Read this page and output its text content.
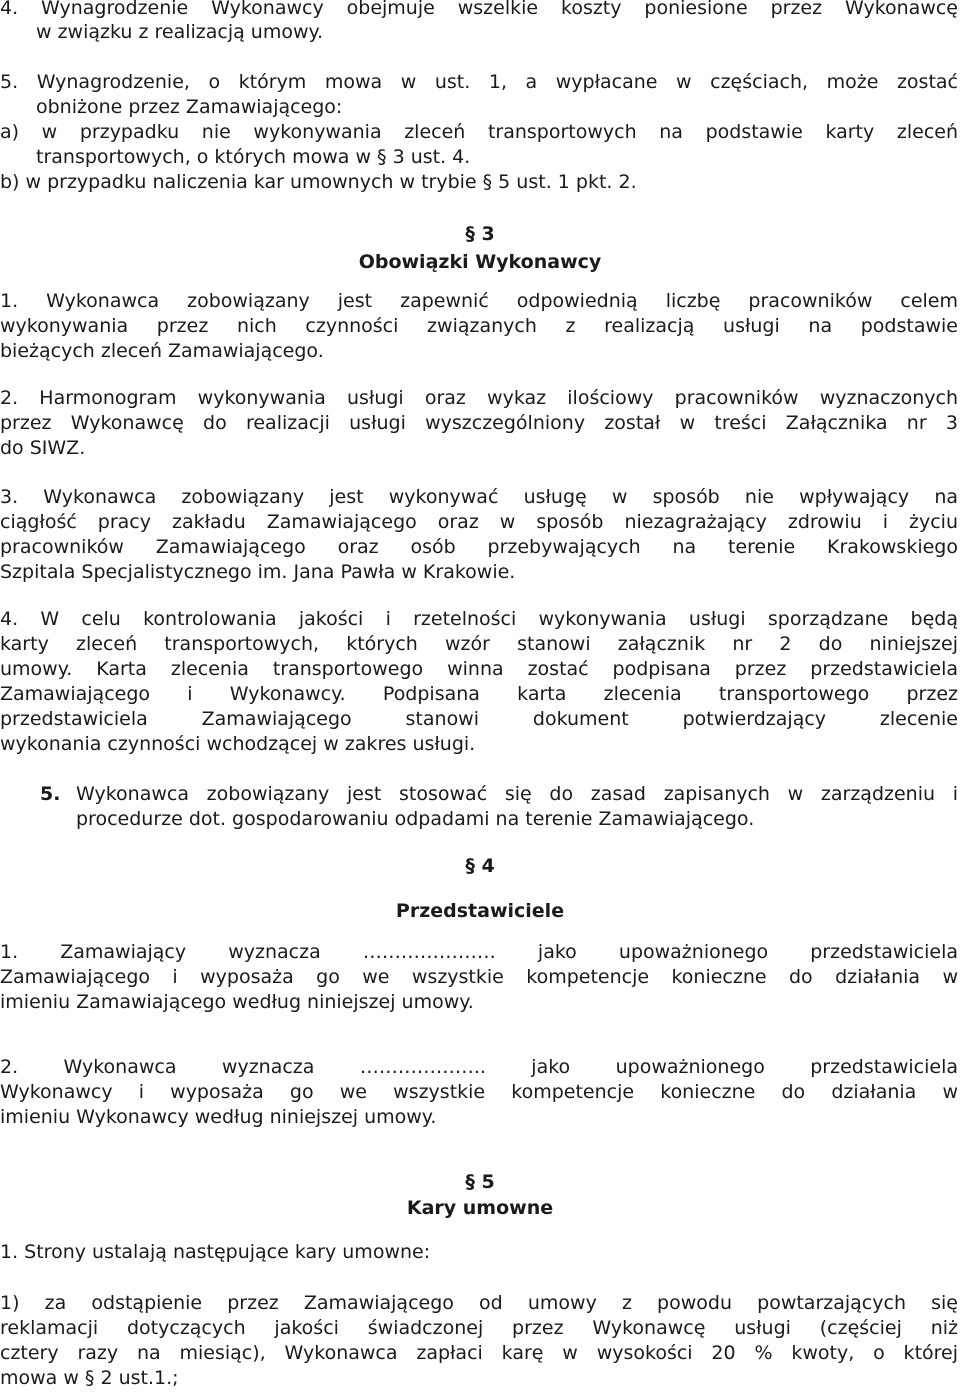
4. Wynagrodzenie Wykonawcy obejmuje wszelkie koszty poniesione przez Wykonawcę
w związku z realizacją umowy.
5. Wynagrodzenie, o którym mowa w ust. 1, a wypłacane w częściach, może zostać
obniżone przez Zamawiającego:
a) w przypadku nie wykonywania zleceń transportowych na podstawie karty zleceń
transportowych, o których mowa w § 3 ust. 4.
b) w przypadku naliczenia kar umownych w trybie § 5 ust. 1 pkt. 2.
§ 3
Obowiązki Wykonawcy
1. Wykonawca zobowiązany jest zapewnić odpowiednią liczbę pracowników celem
wykonywania przez nich czynności związanych z realizacją usługi na podstawie
bieżących zleceń Zamawiającego.
2. Harmonogram wykonywania usługi oraz wykaz ilościowy pracowników wyznaczonych
przez Wykonawcę do realizacji usługi wyszczególniony został w treści Załącznika nr 3
do SIWZ.
3. Wykonawca zobowiązany jest wykonywać usługę w sposób nie wpływający na
ciągłość pracy zakładu Zamawiającego oraz w sposób niezagrażający zdrowiu i życiu
pracowników Zamawiającego oraz osób przebywających na terenie Krakowskiego
Szpitala Specjalistycznego im. Jana Pawła w Krakowie.
4. W celu kontrolowania jakości i rzetelności wykonywania usługi sporządzane będą
karty zleceń transportowych, których wzór stanowi załącznik nr 2 do niniejszej
umowy. Karta zlecenia transportowego winna zostać podpisana przez przedstawiciela
Zamawiającego i Wykonawcy. Podpisana karta zlecenia transportowego przez
przedstawiciela Zamawiającego stanowi dokument potwierdzający zlecenie
wykonania czynności wchodzącej w zakres usługi.
5. Wykonawca zobowiązany jest stosować się do zasad zapisanych w zarządzeniu i
procedurze dot. gospodarowaniu odpadami na terenie Zamawiającego.
§ 4
Przedstawiciele
1. Zamawiający wyznacza ………………… jako upoważnionego przedstawiciela
Zamawiającego i wyposaża go we wszystkie kompetencje konieczne do działania w
imieniu Zamawiającego według niniejszej umowy.
2. Wykonawca wyznacza ……………….. jako upoważnionego przedstawiciela
Wykonawcy i wyposaża go we wszystkie kompetencje konieczne do działania w
imieniu Wykonawcy według niniejszej umowy.
§ 5
Kary umowne
1. Strony ustalają następujące kary umowne:
1) za odstąpienie przez Zamawiającego od umowy z powodu powtarzających się
reklamacji dotyczących jakości świadczonej przez Wykonawcę usługi (częściej niż
cztery razy na miesiąc), Wykonawca zapłaci karę w wysokości 20 % kwoty, o której
mowa w § 2 ust.1.;
